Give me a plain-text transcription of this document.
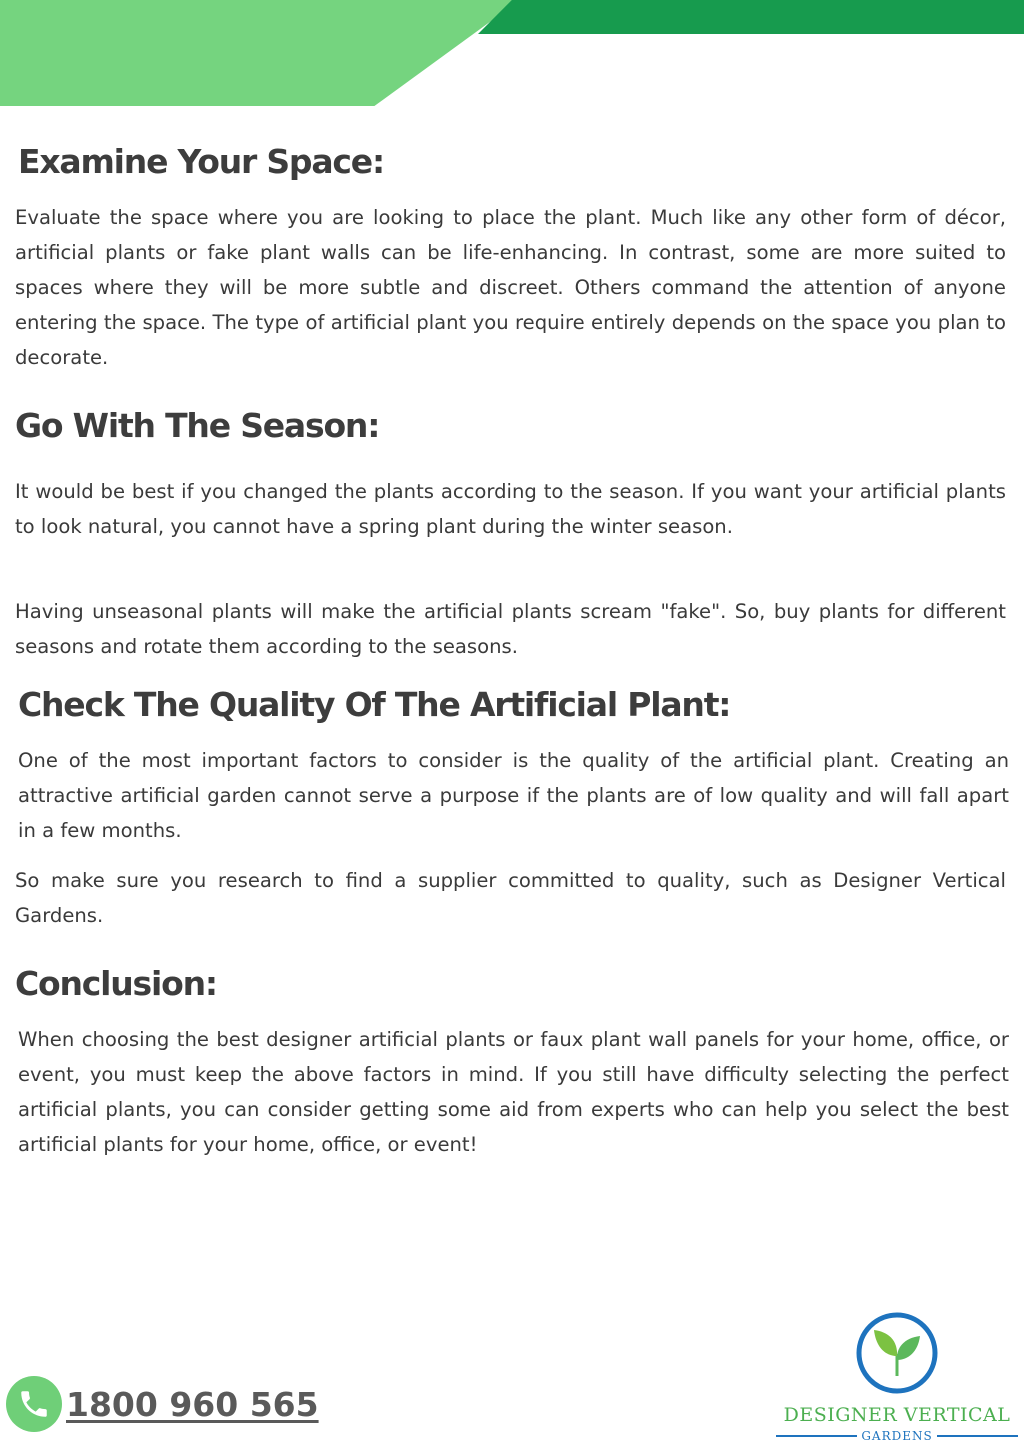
Examine Your Space:

Evaluate the space where you are looking to place the plant. Much like any other form of décor, artificial plants or fake plant walls can be life-enhancing. In contrast, some are more suited to spaces where they will be more subtle and discreet. Others command the attention of anyone entering the space. The type of artificial plant you require entirely depends on the space you plan to decorate.

Go With The Season:

It would be best if you changed the plants according to the season. If you want your artificial plants to look natural, you cannot have a spring plant during the winter season.

Having unseasonal plants will make the artificial plants scream "fake". So, buy plants for different seasons and rotate them according to the seasons.

Check The Quality Of The Artificial Plant:

One of the most important factors to consider is the quality of the artificial plant. Creating an attractive artificial garden cannot serve a purpose if the plants are of low quality and will fall apart in a few months.

So make sure you research to find a supplier committed to quality, such as Designer Vertical Gardens.

Conclusion:

When choosing the best designer artificial plants or faux plant wall panels for your home, office, or event, you must keep the above factors in mind. If you still have difficulty selecting the perfect artificial plants, you can consider getting some aid from experts who can help you select the best artificial plants for your home, office, or event!

1800 960 565	DESIGNER VERTICAL
GARDENS
